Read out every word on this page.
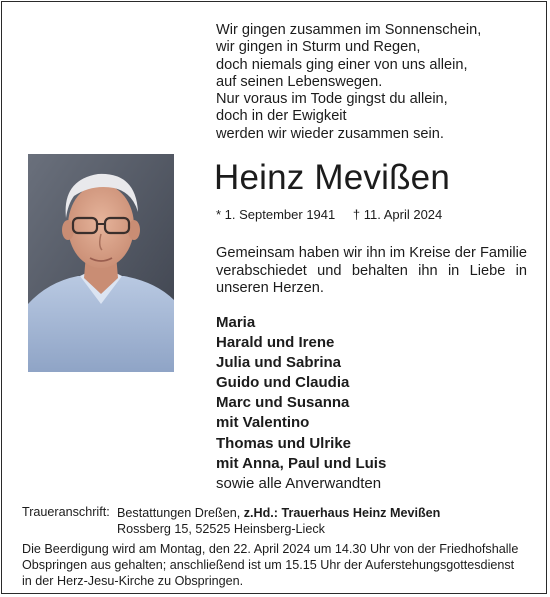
Wir gingen zusammen im Sonnenschein,
wir gingen in Sturm und Regen,
doch niemals ging einer von uns allein,
auf seinen Lebenswegen.
Nur voraus im Tode gingst du allein,
doch in der Ewigkeit
werden wir wieder zusammen sein.
Heinz Mevißen
* 1. September 1941 † 11. April 2024
Gemeinsam haben wir ihn im Kreise der Familie verabschiedet und behalten ihn in Liebe in unseren Herzen.
Maria
Harald und Irene
Julia und Sabrina
Guido und Claudia
Marc und Susanna
mit Valentino
Thomas und Ulrike
mit Anna, Paul und Luis
sowie alle Anverwandten
Traueranschrift: Bestattungen Dreßen, z.Hd.: Trauerhaus Heinz Mevißen
Rossberg 15, 52525 Heinsberg-Lieck
Die Beerdigung wird am Montag, den 22. April 2024 um 14.30 Uhr von der Friedhofshalle
Obspringen aus gehalten; anschließend ist um 15.15 Uhr der Auferstehungsgottesdienst
in der Herz-Jesu-Kirche zu Obspringen.
